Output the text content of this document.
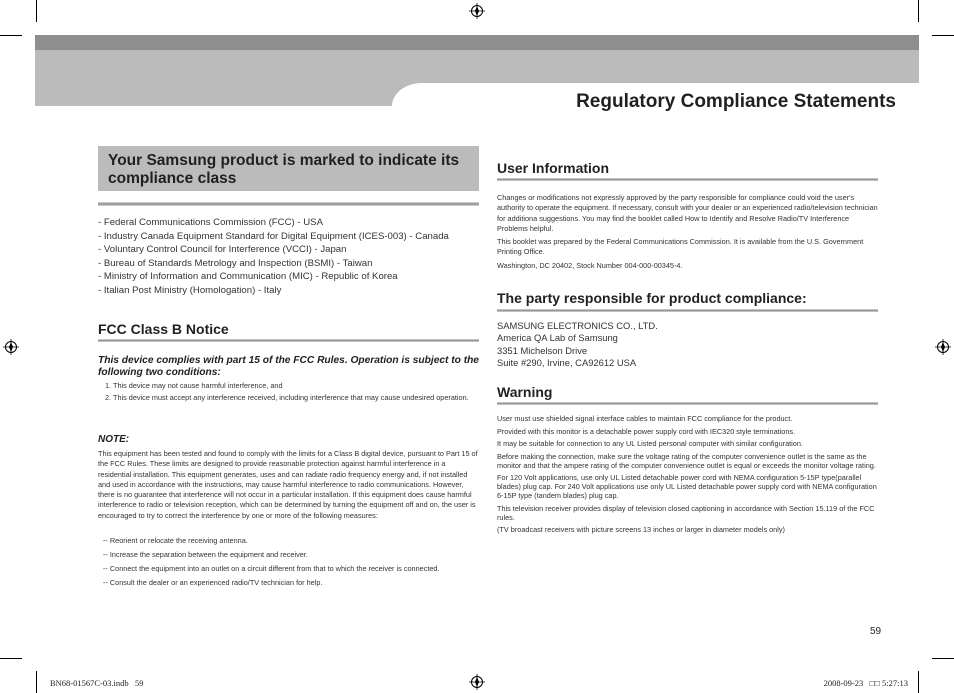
Regulatory Compliance Statements
Your Samsung product is marked to indicate its compliance class

- Federal Communications Commission (FCC) - USA

- Industry Canada Equipment Standard for Digital Equipment (ICES-003) - Canada

- Voluntary Control Council for Interference (VCCI) - Japan

- Bureau of Standards Metrology and Inspection (BSMI) - Taiwan

- Ministry of Information and Communication (MIC) - Republic of Korea

- Italian Post Ministry (Homologation) - Italy

FCC Class B Notice
This device complies with part 15 of the FCC Rules. Operation is subject to the following two conditions:

1. This device may not cause harmful interference, and

2. This device must accept any interference received, including interference that may cause undesired operation.

NOTE:
This equipment has been tested and found to comply with the limits for a Class B digital device, pursuant to Part 15 of the FCC Rules. These limits are designed to provide reasonable protection against harmful interference in a residential installation. This equipment generates, uses and can radiate radio frequency energy and, if not installed and used in accordance with the instructions, may cause harmful interference to radio communications. However, there is no guarantee that interference will not occur in a particular installation. If this equipment does cause harmful interference to radio or television reception, which can be determined by turning the equipment off and on, the user is encouraged to try to correct the interference by one or more of the following measures:

-- Reorient or relocate the receiving antenna.

-- Increase the separation between the equipment and receiver.

-- Connect the equipment into an outlet on a circuit different from that to which the receiver is connected.

-- Consult the dealer or an experienced radio/TV technician for help.

User Information

Changes or modifications not expressly approved by the party responsible for compliance could void the user's authority to operate the equipment. If necessary, consult with your dealer or an experienced radio/television technician for additiona suggestions. You may find the booklet called How to Identify and Resolve Radio/TV Interference Problems helpful.

This booklet was prepared by the Federal Communications Commission. It is available from the U.S. Government Printing Office.

Washington, DC 20402, Stock Number 004-000-00345-4.

The party responsible for product compliance:

SAMSUNG ELECTRONICS CO., LTD.

America QA Lab of Samsung

3351 Michelson Drive

Suite #290, Irvine, CA92612 USA

Warning

User must use shielded signal interface cables to maintain FCC compliance for the product.

Provided with this monitor is a detachable power supply cord with IEC320 style terminations.

It may be suitable for connection to any UL Listed personal computer with similar configuration.

Before making the connection, make sure the voltage rating of the computer convenience outlet is the same as the monitor and that the ampere rating of the computer convenience outlet is equal or exceeds the monitor voltage rating.

For 120 Volt applications, use only UL Listed detachable power cord with NEMA configuration 5-15P type(parallel blades) plug cap. For 240 Volt applications use only UL Listed detachable power supply cord with NEMA configuration 6-15P type (tandem blades) plug cap.

This television receiver provides display of television closed captioning in accordance with Section 15.119 of the FCC rules.

(TV broadcast receivers with picture screens 13 inches or larger in diameter models only)

59
BN68-01567C-03.indb   59	2008-09-23   □□ 5:27:13
